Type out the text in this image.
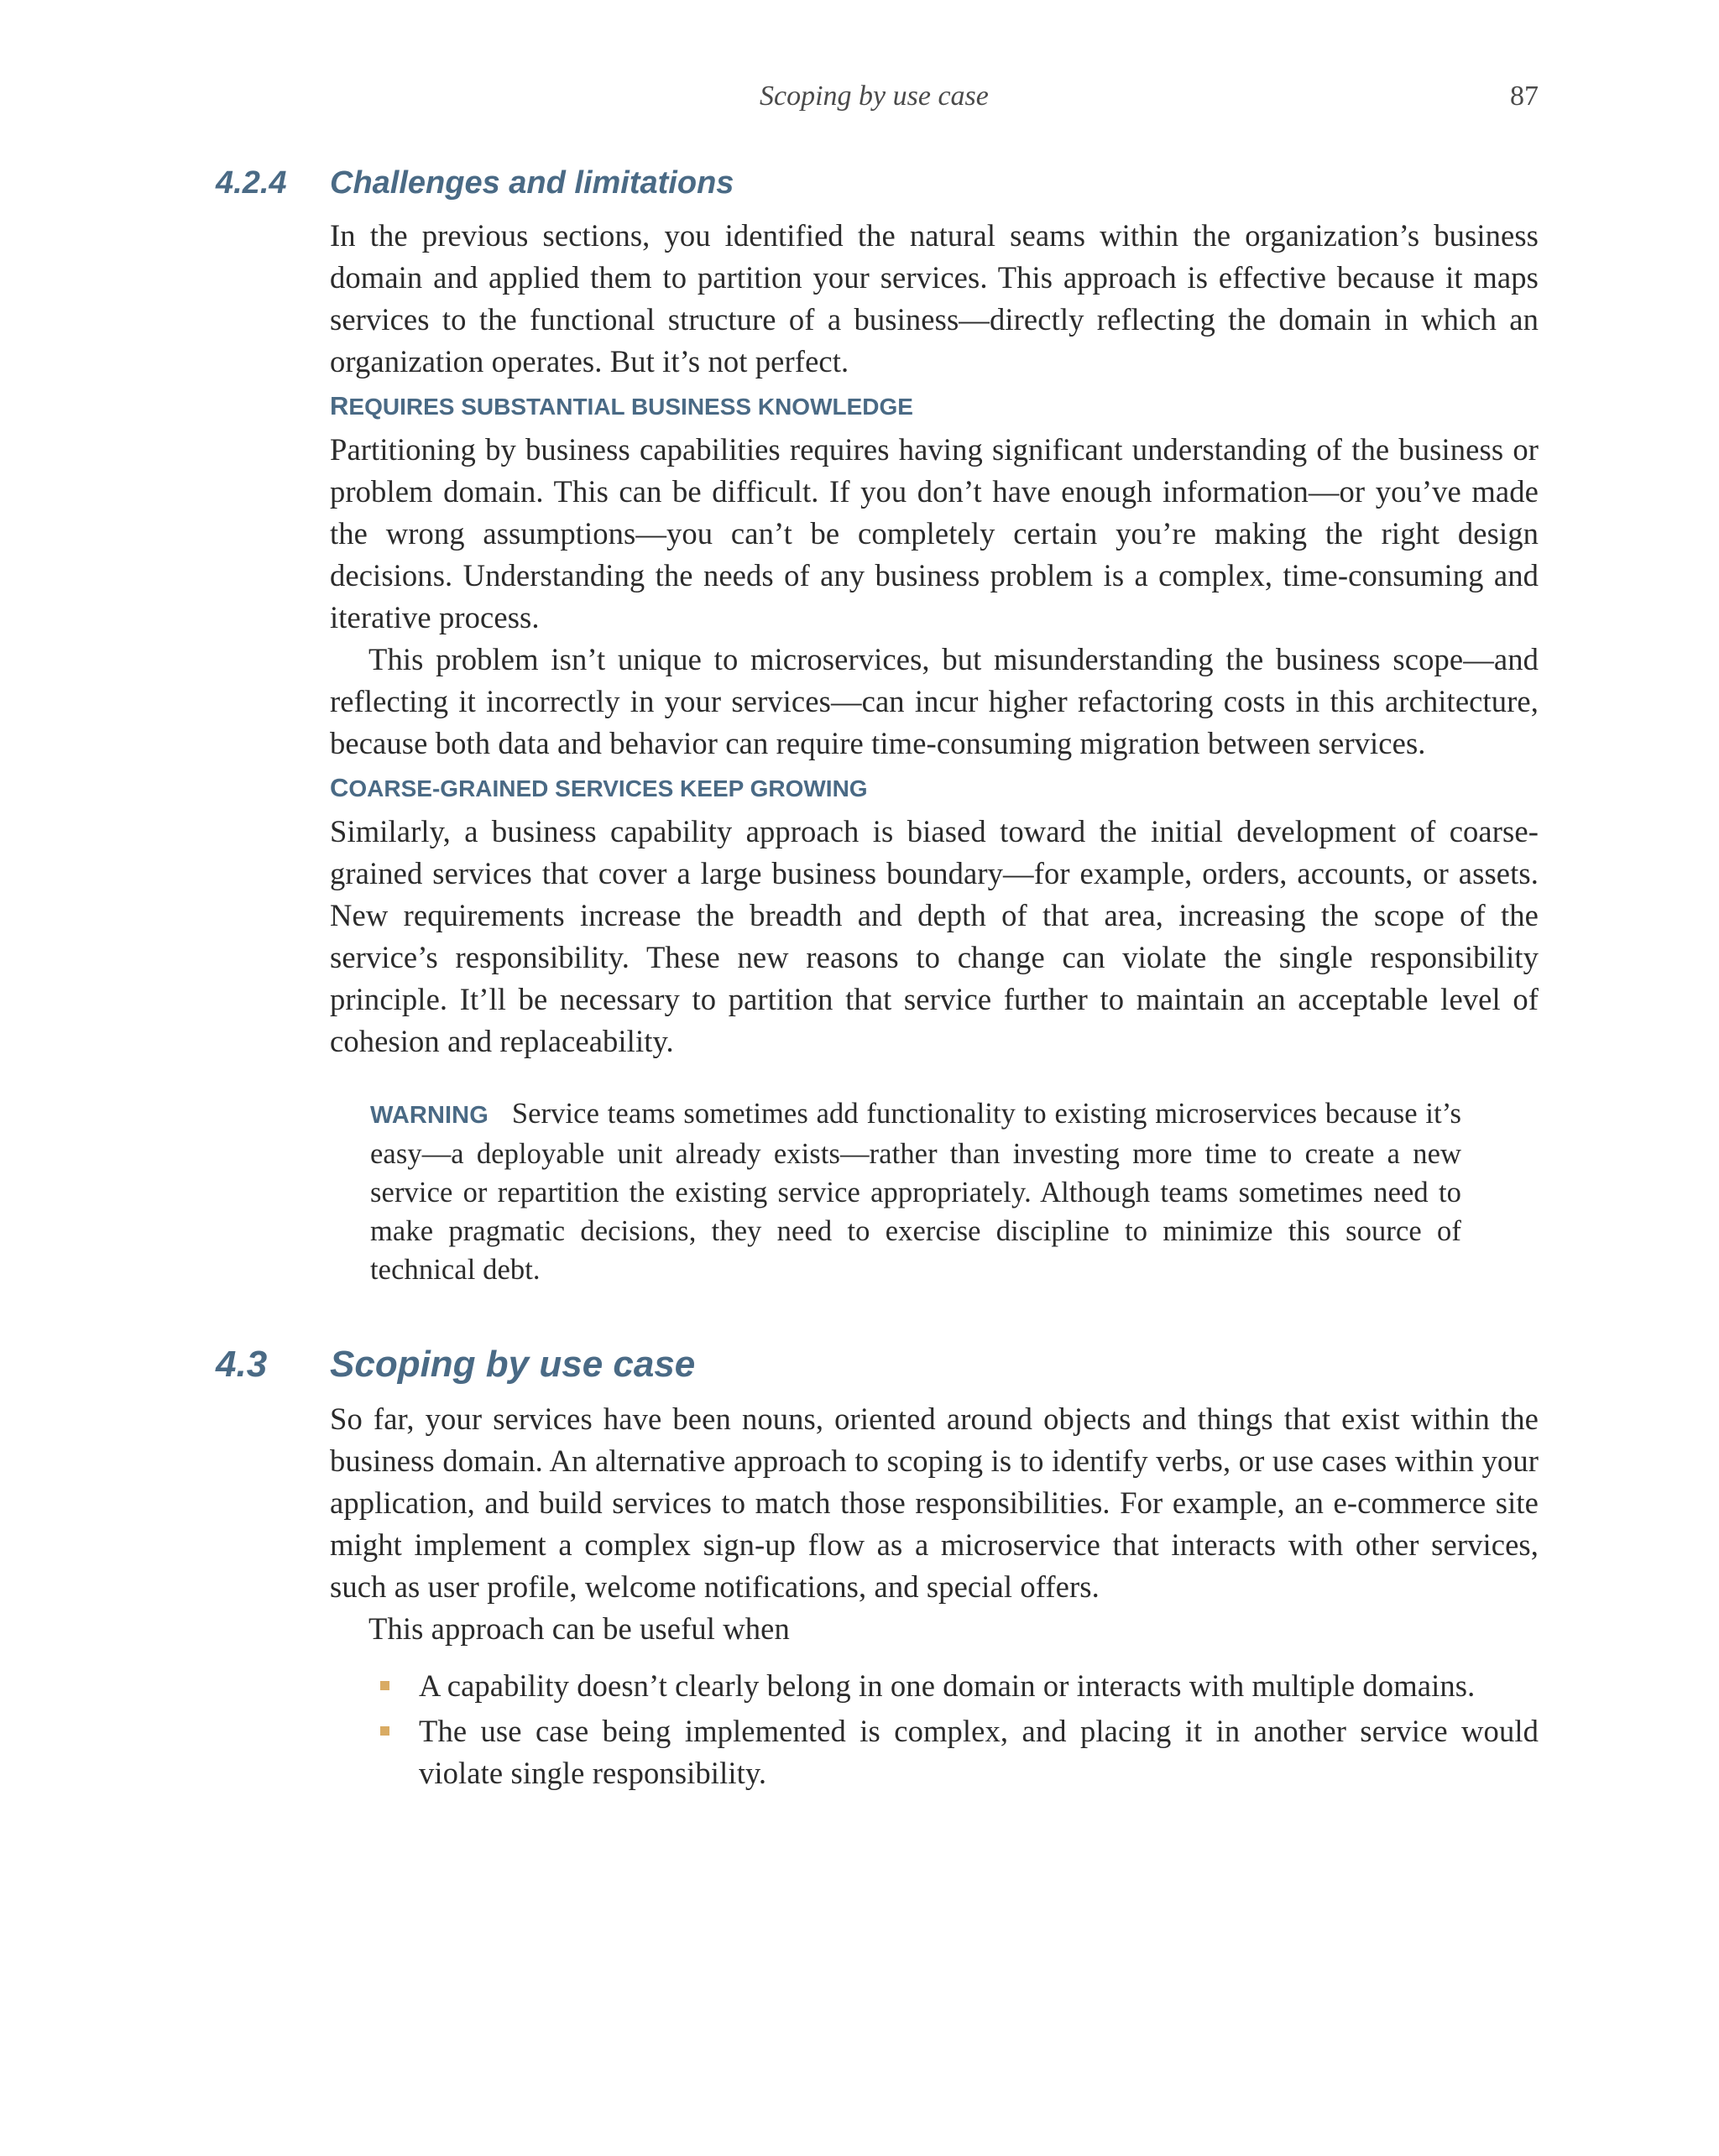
Scoping by use case	87
4.2.4 Challenges and limitations

In the previous sections, you identified the natural seams within the organization’s business domain and applied them to partition your services. This approach is effective because it maps services to the functional structure of a business—directly reflecting the domain in which an organization operates. But it’s not perfect.

REQUIRES SUBSTANTIAL BUSINESS KNOWLEDGE

Partitioning by business capabilities requires having significant understanding of the business or problem domain. This can be difficult. If you don’t have enough information—or you’ve made the wrong assumptions—you can’t be completely certain you’re making the right design decisions. Understanding the needs of any business problem is a complex, time-consuming and iterative process.

This problem isn’t unique to microservices, but misunderstanding the business scope—and reflecting it incorrectly in your services—can incur higher refactoring costs in this architecture, because both data and behavior can require time-consuming migration between services.

COARSE-GRAINED SERVICES KEEP GROWING

Similarly, a business capability approach is biased toward the initial development of coarse-grained services that cover a large business boundary—for example, orders, accounts, or assets. New requirements increase the breadth and depth of that area, increasing the scope of the service’s responsibility. These new reasons to change can violate the single responsibility principle. It’ll be necessary to partition that service further to maintain an acceptable level of cohesion and replaceability.

WARNING Service teams sometimes add functionality to existing microservices because it’s easy—a deployable unit already exists—rather than investing more time to create a new service or repartition the existing service appropriately. Although teams sometimes need to make pragmatic decisions, they need to exercise discipline to minimize this source of technical debt.

4.3 Scoping by use case

So far, your services have been nouns, oriented around objects and things that exist within the business domain. An alternative approach to scoping is to identify verbs, or use cases within your application, and build services to match those responsibilities. For example, an e-commerce site might implement a complex sign-up flow as a microservice that interacts with other services, such as user profile, welcome notifications, and special offers.

This approach can be useful when

A capability doesn’t clearly belong in one domain or interacts with multiple domains.

The use case being implemented is complex, and placing it in another service would violate single responsibility.
